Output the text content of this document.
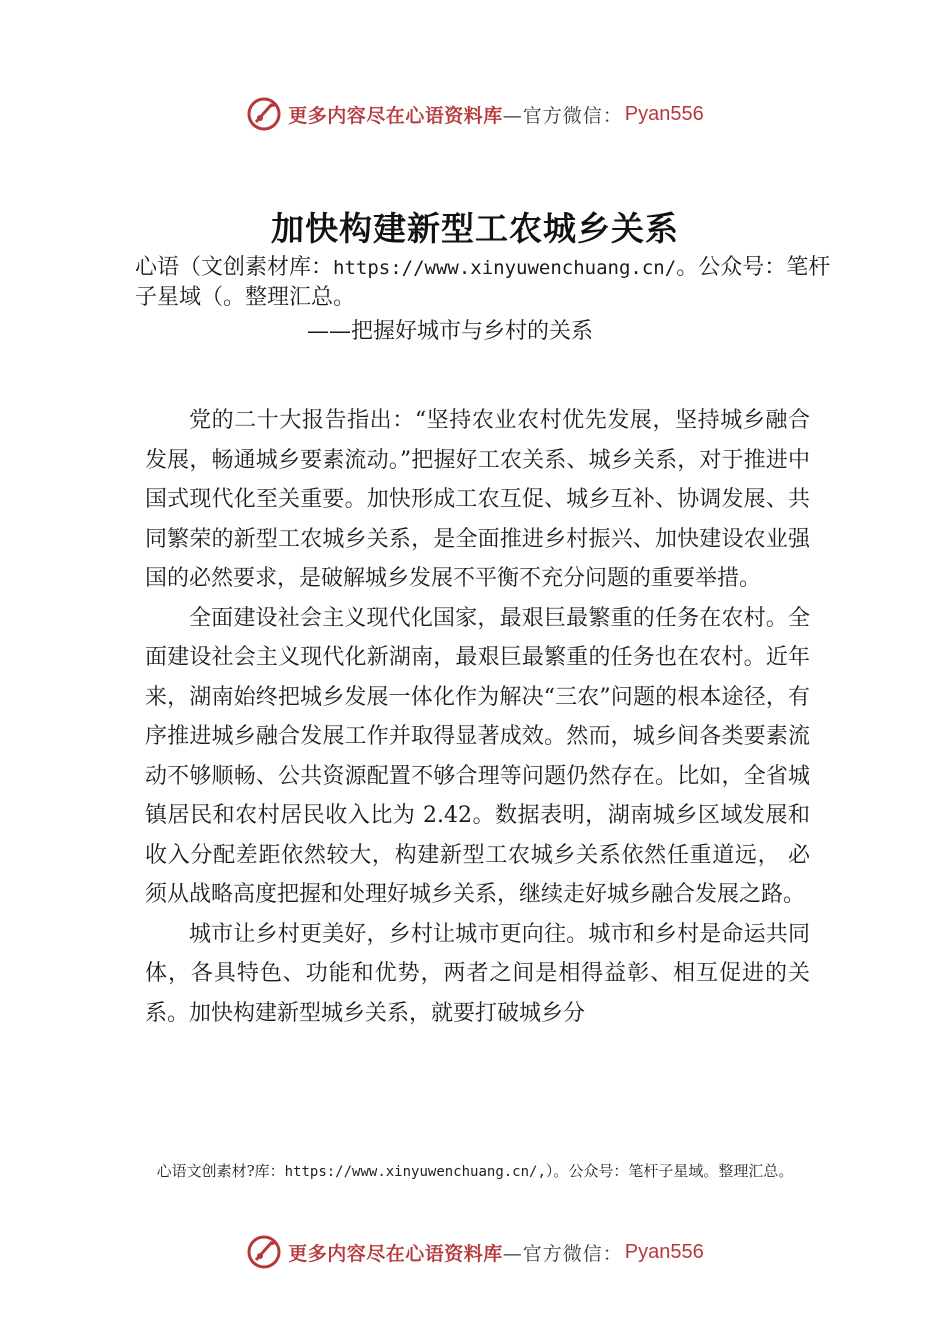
更多内容尽在心语资料库 —官方微信： Pyan556
加快构建新型工农城乡关系
心语（文创素材库：https://www.xinyuwenchuang.cn/。公众号：笔杆子星域（。整理汇总。
——把握好城市与乡村的关系

党的二十大报告指出：“坚持农业农村优先发展，坚持城乡融合发展，畅通城乡要素流动。”把握好工农关系、城乡关系，对于推进中国式现代化至关重要。加快形成工农互促、城乡互补、协调发展、共同繁荣的新型工农城乡关系，是全面推进乡村振兴、加快建设农业强国的必然要求，是破解城乡发展不平衡不充分问题的重要举措。

全面建设社会主义现代化国家，最艰巨最繁重的任务在农村。全面建设社会主义现代化新湖南，最艰巨最繁重的任务也在农村。近年来，湖南始终把城乡发展一体化作为解决“三农”问题的根本途径，有序推进城乡融合发展工作并取得显著成效。然而，城乡间各类要素流动不够顺畅、公共资源配置不够合理等问题仍然存在。比如，全省城镇居民和农村居民收入比为 2.42。数据表明，湖南城乡区域发展和收入分配差距依然较大，构建新型工农城乡关系依然任重道远， 必须从战略高度把握和处理好城乡关系，继续走好城乡融合发展之路。

城市让乡村更美好，乡村让城市更向往。城市和乡村是命运共同体，各具特色、功能和优势，两者之间是相得益彰、相互促进的关系。加快构建新型城乡关系，就要打破城乡分

心语文创素材?库：https://www.xinyuwenchuang.cn/,）。公众号：笔杆子星域。整理汇总。
更多内容尽在心语资料库 —官方微信： Pyan556
